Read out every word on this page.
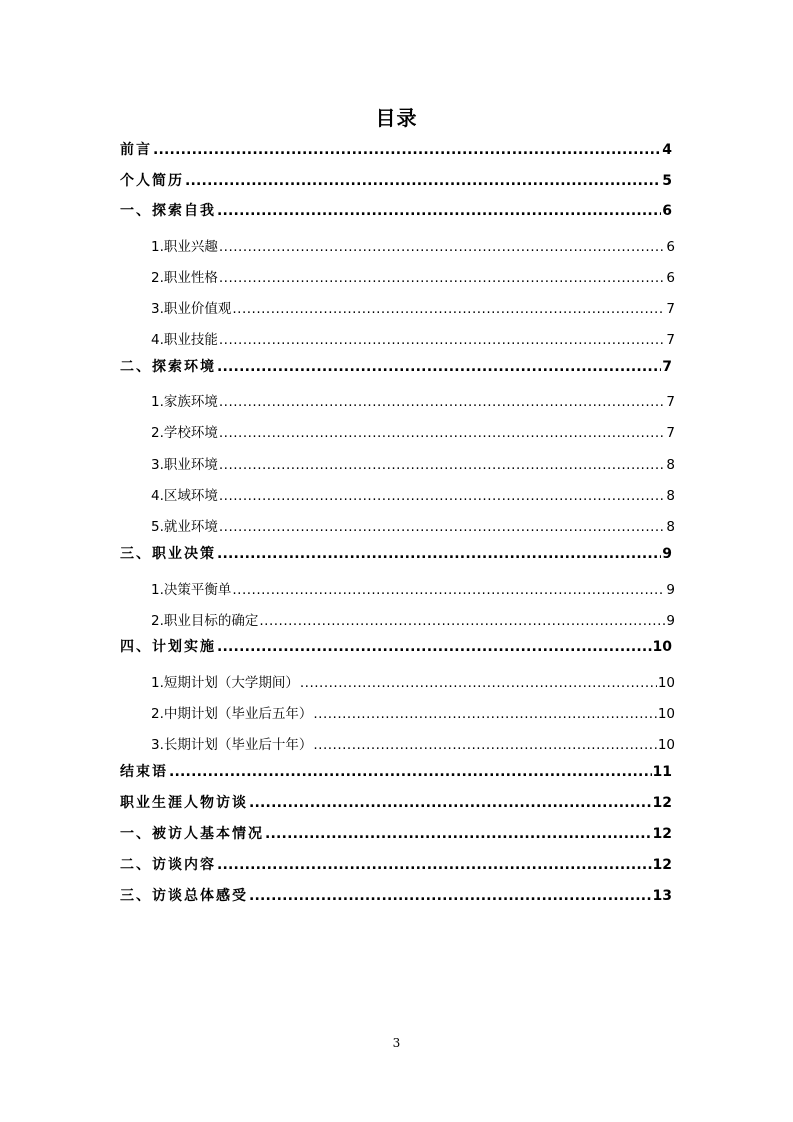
目录
前言 .....	4
个人简历 .....	5
一、探索自我 .....	6
1.职业兴趣 .....	6
2.职业性格 .....	6
3.职业价值观 .....	7
4.职业技能 .....	7
二、探索环境 .....	7
1.家族环境 .....	7
2.学校环境 .....	7
3.职业环境 .....	8
4.区域环境 .....	8
5.就业环境 .....	8
三、职业决策 .....	9
1.决策平衡单 .....	9
2.职业目标的确定 .....	9
四、计划实施 .....	10
1.短期计划（大学期间） .....	10
2.中期计划（毕业后五年） .....	10
3.长期计划（毕业后十年） .....	10
结束语 .....	11
职业生涯人物访谈 .....	12
一、被访人基本情况 .....	12
二、访谈内容 .....	12
三、访谈总体感受 .....	13
3
